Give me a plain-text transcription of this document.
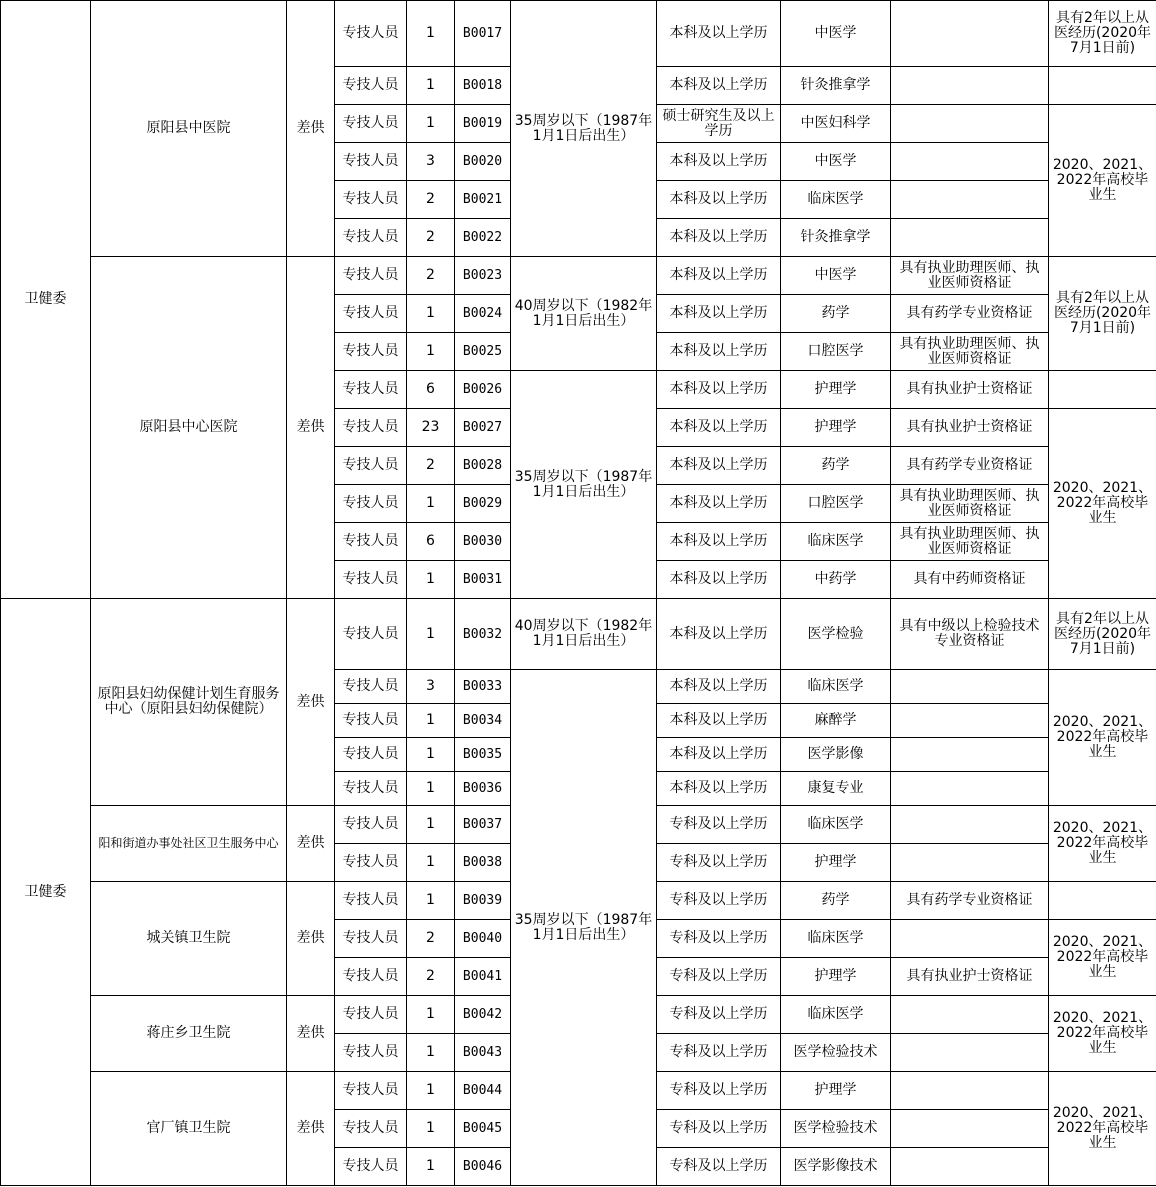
卫健委	原阳县中医院	差供	专技人员	1	B0017	35周岁以下（1987年1月1日后出生）	本科及以上学历	中医学		具有2年以上从医经历(2020年7月1日前)
			专技人员	1	B0018		本科及以上学历	针灸推拿学		
			专技人员	1	B0019		硕士研究生及以上学历	中医妇科学		2020、2021、2022年高校毕业生
			专技人员	3	B0020		本科及以上学历	中医学		
			专技人员	2	B0021		本科及以上学历	临床医学		
			专技人员	2	B0022		本科及以上学历	针灸推拿学		
	原阳县中心医院	差供	专技人员	2	B0023	40周岁以下（1982年1月1日后出生）	本科及以上学历	中医学	具有执业助理医师、执业医师资格证	具有2年以上从医经历(2020年7月1日前)
			专技人员	1	B0024		本科及以上学历	药学	具有药学专业资格证	
			专技人员	1	B0025		本科及以上学历	口腔医学	具有执业助理医师、执业医师资格证	
			专技人员	6	B0026	35周岁以下（1987年1月1日后出生）	本科及以上学历	护理学	具有执业护士资格证	
			专技人员	23	B0027		本科及以上学历	护理学	具有执业护士资格证	2020、2021、2022年高校毕业生
			专技人员	2	B0028		本科及以上学历	药学	具有药学专业资格证	
			专技人员	1	B0029		本科及以上学历	口腔医学	具有执业助理医师、执业医师资格证	
			专技人员	6	B0030		本科及以上学历	临床医学	具有执业助理医师、执业医师资格证	
			专技人员	1	B0031		本科及以上学历	中药学	具有中药师资格证	
卫健委	原阳县妇幼保健计划生育服务中心（原阳县妇幼保健院）	差供	专技人员	1	B0032	40周岁以下（1982年1月1日后出生）	本科及以上学历	医学检验	具有中级以上检验技术专业资格证	具有2年以上从医经历(2020年7月1日前)
			专技人员	3	B0033	35周岁以下（1987年1月1日后出生）	本科及以上学历	临床医学		2020、2021、2022年高校毕业生
			专技人员	1	B0034		本科及以上学历	麻醉学		
			专技人员	1	B0035		本科及以上学历	医学影像		
			专技人员	1	B0036		本科及以上学历	康复专业		
	阳和街道办事处社区卫生服务中心	差供	专技人员	1	B0037		专科及以上学历	临床医学		2020、2021、2022年高校毕业生
			专技人员	1	B0038		专科及以上学历	护理学		
	城关镇卫生院	差供	专技人员	1	B0039		专科及以上学历	药学	具有药学专业资格证	
			专技人员	2	B0040		专科及以上学历	临床医学		2020、2021、2022年高校毕业生
			专技人员	2	B0041		专科及以上学历	护理学	具有执业护士资格证	
	蒋庄乡卫生院	差供	专技人员	1	B0042		专科及以上学历	临床医学		2020、2021、2022年高校毕业生
			专技人员	1	B0043		专科及以上学历	医学检验技术		
	官厂镇卫生院	差供	专技人员	1	B0044		专科及以上学历	护理学		2020、2021、2022年高校毕业生
			专技人员	1	B0045		专科及以上学历	医学检验技术		
			专技人员	1	B0046		专科及以上学历	医学影像技术		
